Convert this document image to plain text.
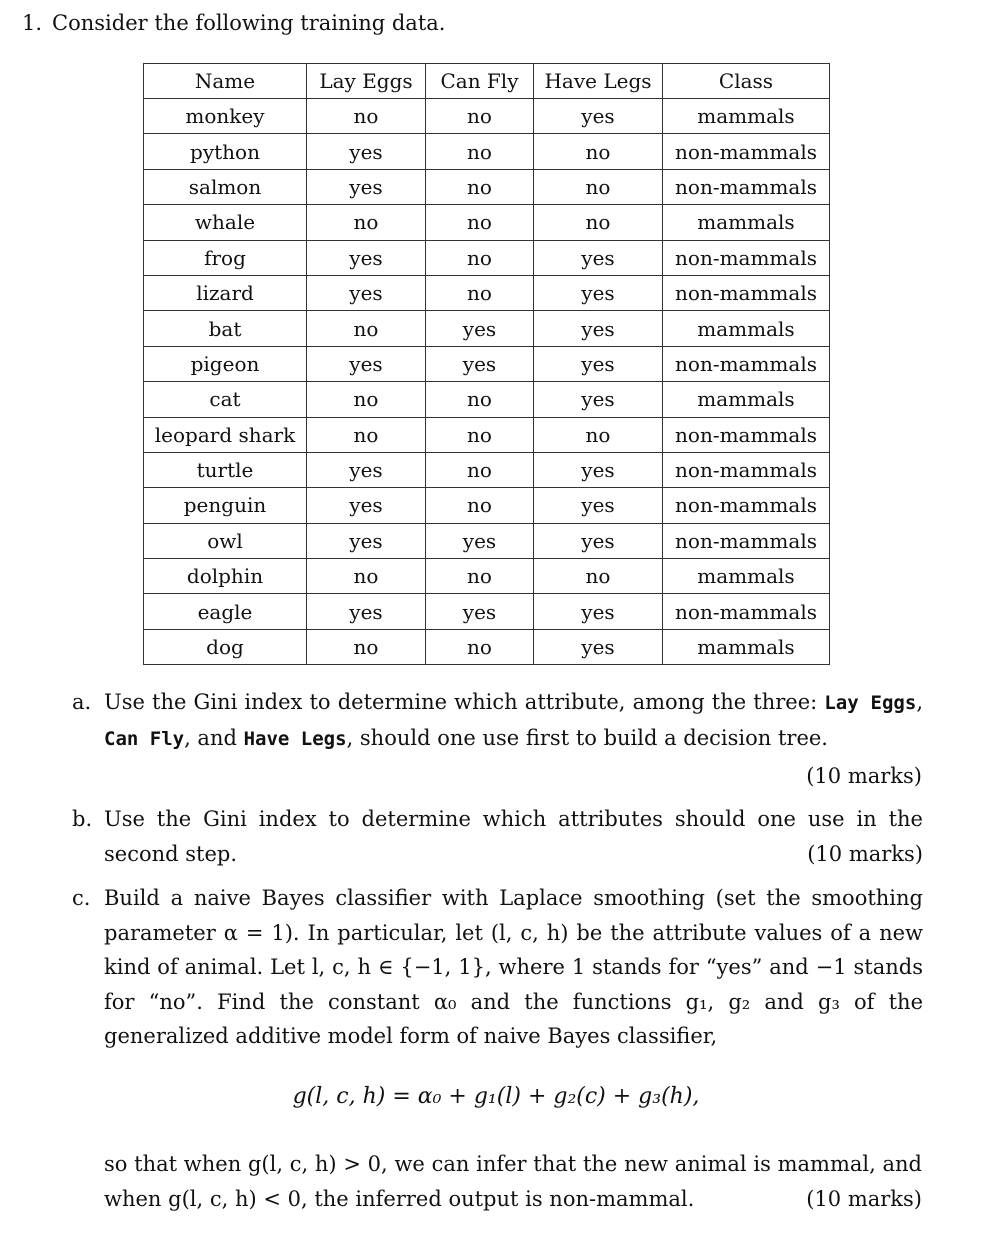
1. Consider the following training data.
Name	Lay Eggs	Can Fly	Have Legs	Class
monkey	no	no	yes	mammals
python	yes	no	no	non-mammals
salmon	yes	no	no	non-mammals
whale	no	no	no	mammals
frog	yes	no	yes	non-mammals
lizard	yes	no	yes	non-mammals
bat	no	yes	yes	mammals
pigeon	yes	yes	yes	non-mammals
cat	no	no	yes	mammals
leopard shark	no	no	no	non-mammals
turtle	yes	no	yes	non-mammals
penguin	yes	no	yes	non-mammals
owl	yes	yes	yes	non-mammals
dolphin	no	no	no	mammals
eagle	yes	yes	yes	non-mammals
dog	no	no	yes	mammals
a. Use the Gini index to determine which attribute, among the three: Lay Eggs, Can Fly, and Have Legs, should one use first to build a decision tree.
(10 marks)
b. Use the Gini index to determine which attributes should one use in the second step.	(10 marks)
c. Build a naive Bayes classifier with Laplace smoothing (set the smoothing parameter α = 1). In particular, let (l, c, h) be the attribute values of a new kind of animal. Let l, c, h ∈ {−1, 1}, where 1 stands for “yes” and −1 stands for “no”. Find the constant α₀ and the functions g₁, g₂ and g₃ of the generalized additive model form of naive Bayes classifier,
g(l, c, h) = α₀ + g₁(l) + g₂(c) + g₃(h),
so that when g(l, c, h) > 0, we can infer that the new animal is mammal, and when g(l, c, h) < 0, the inferred output is non-mammal.	(10 marks)
